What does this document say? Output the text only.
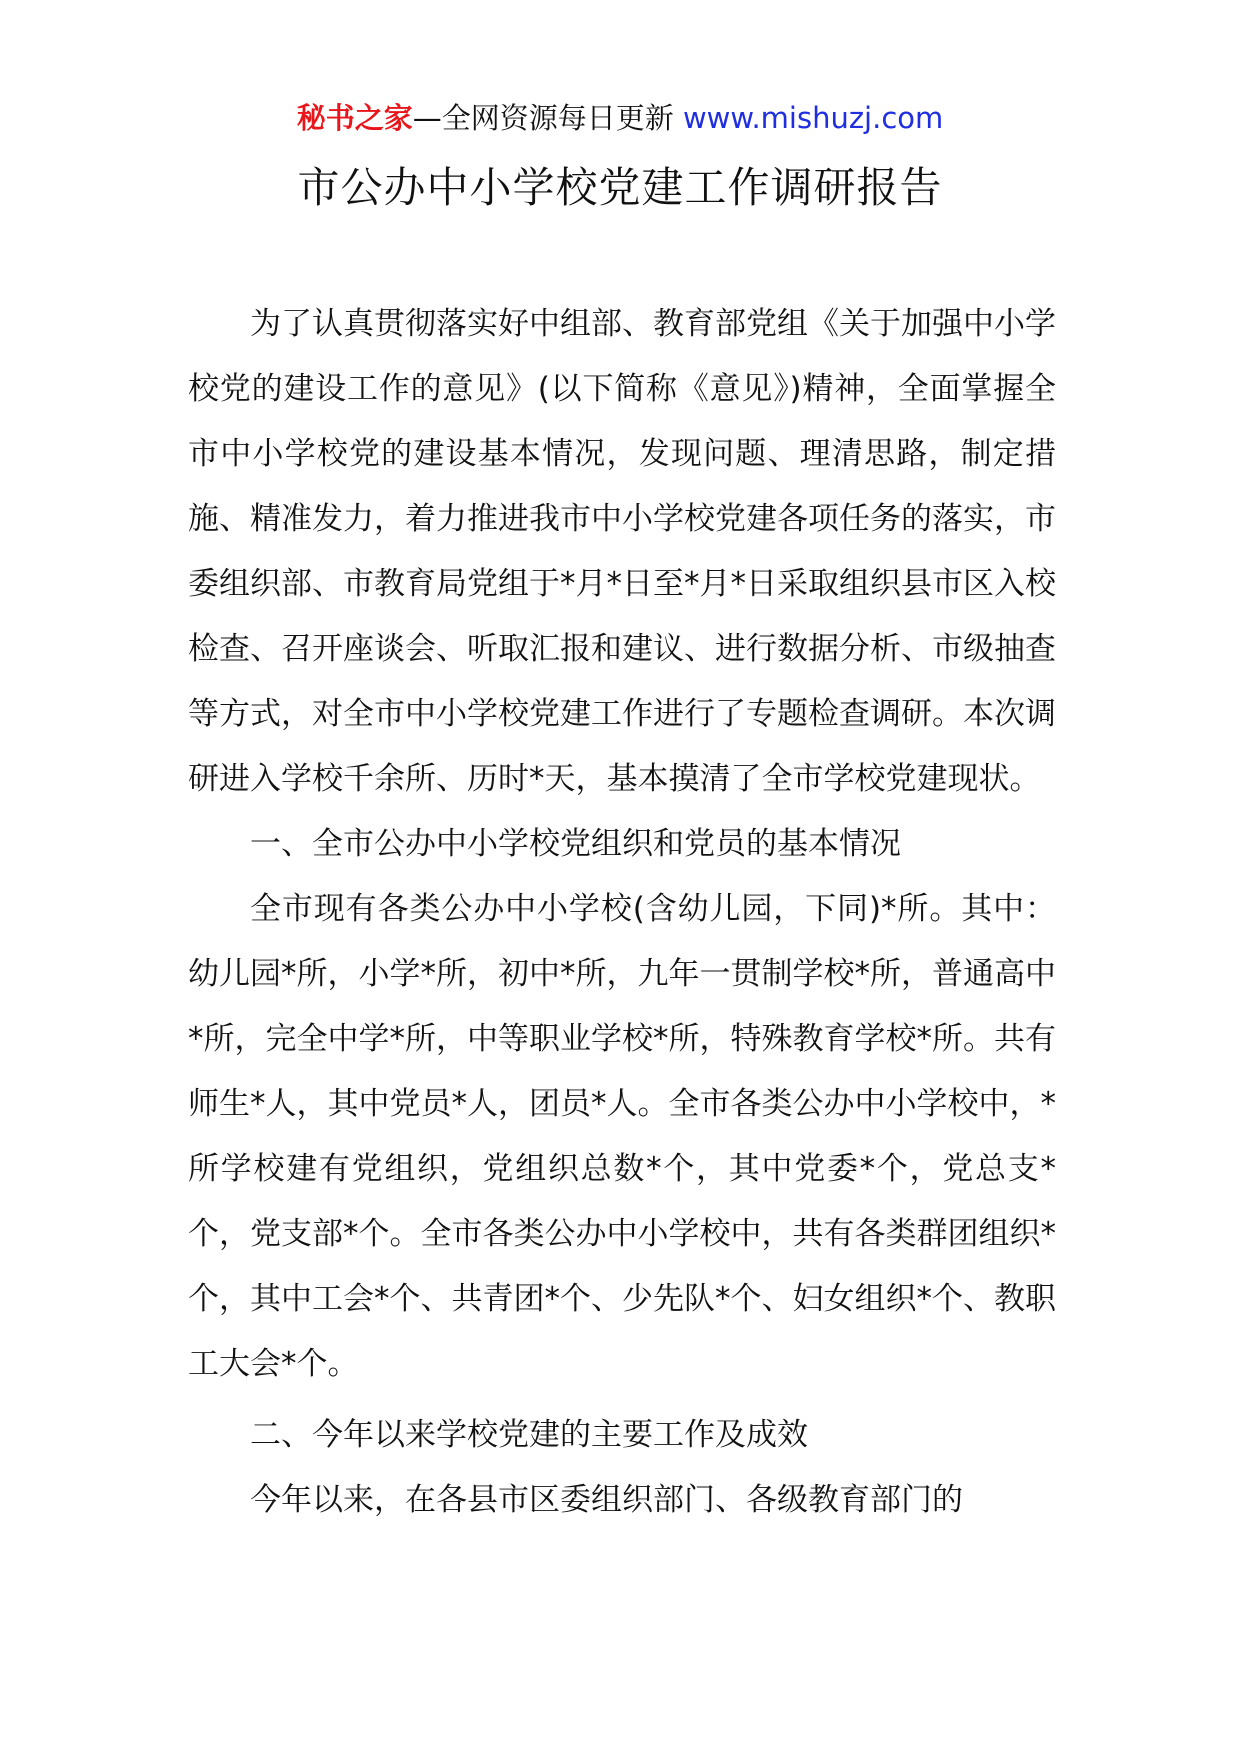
秘书之家—全网资源每日更新 www.mishuzj.com
市公办中小学校党建工作调研报告

为了认真贯彻落实好中组部、教育部党组《关于加强中小学校党的建设工作的意见》(以下简称《意见》)精神，全面掌握全市中小学校党的建设基本情况，发现问题、理清思路，制定措施、精准发力，着力推进我市中小学校党建各项任务的落实，市委组织部、市教育局党组于*月*日至*月*日采取组织县市区入校检查、召开座谈会、听取汇报和建议、进行数据分析、市级抽查等方式，对全市中小学校党建工作进行了专题检查调研。本次调研进入学校千余所、历时*天，基本摸清了全市学校党建现状。

一、全市公办中小学校党组织和党员的基本情况

全市现有各类公办中小学校(含幼儿园，下同)*所。其中：幼儿园*所，小学*所，初中*所，九年一贯制学校*所，普通高中*所，完全中学*所，中等职业学校*所，特殊教育学校*所。共有师生*人，其中党员*人，团员*人。全市各类公办中小学校中，*所学校建有党组织，党组织总数*个，其中党委*个，党总支*个，党支部*个。全市各类公办中小学校中，共有各类群团组织*个，其中工会*个、共青团*个、少先队*个、妇女组织*个、教职工大会*个。

二、今年以来学校党建的主要工作及成效

今年以来，在各县市区委组织部门、各级教育部门的
